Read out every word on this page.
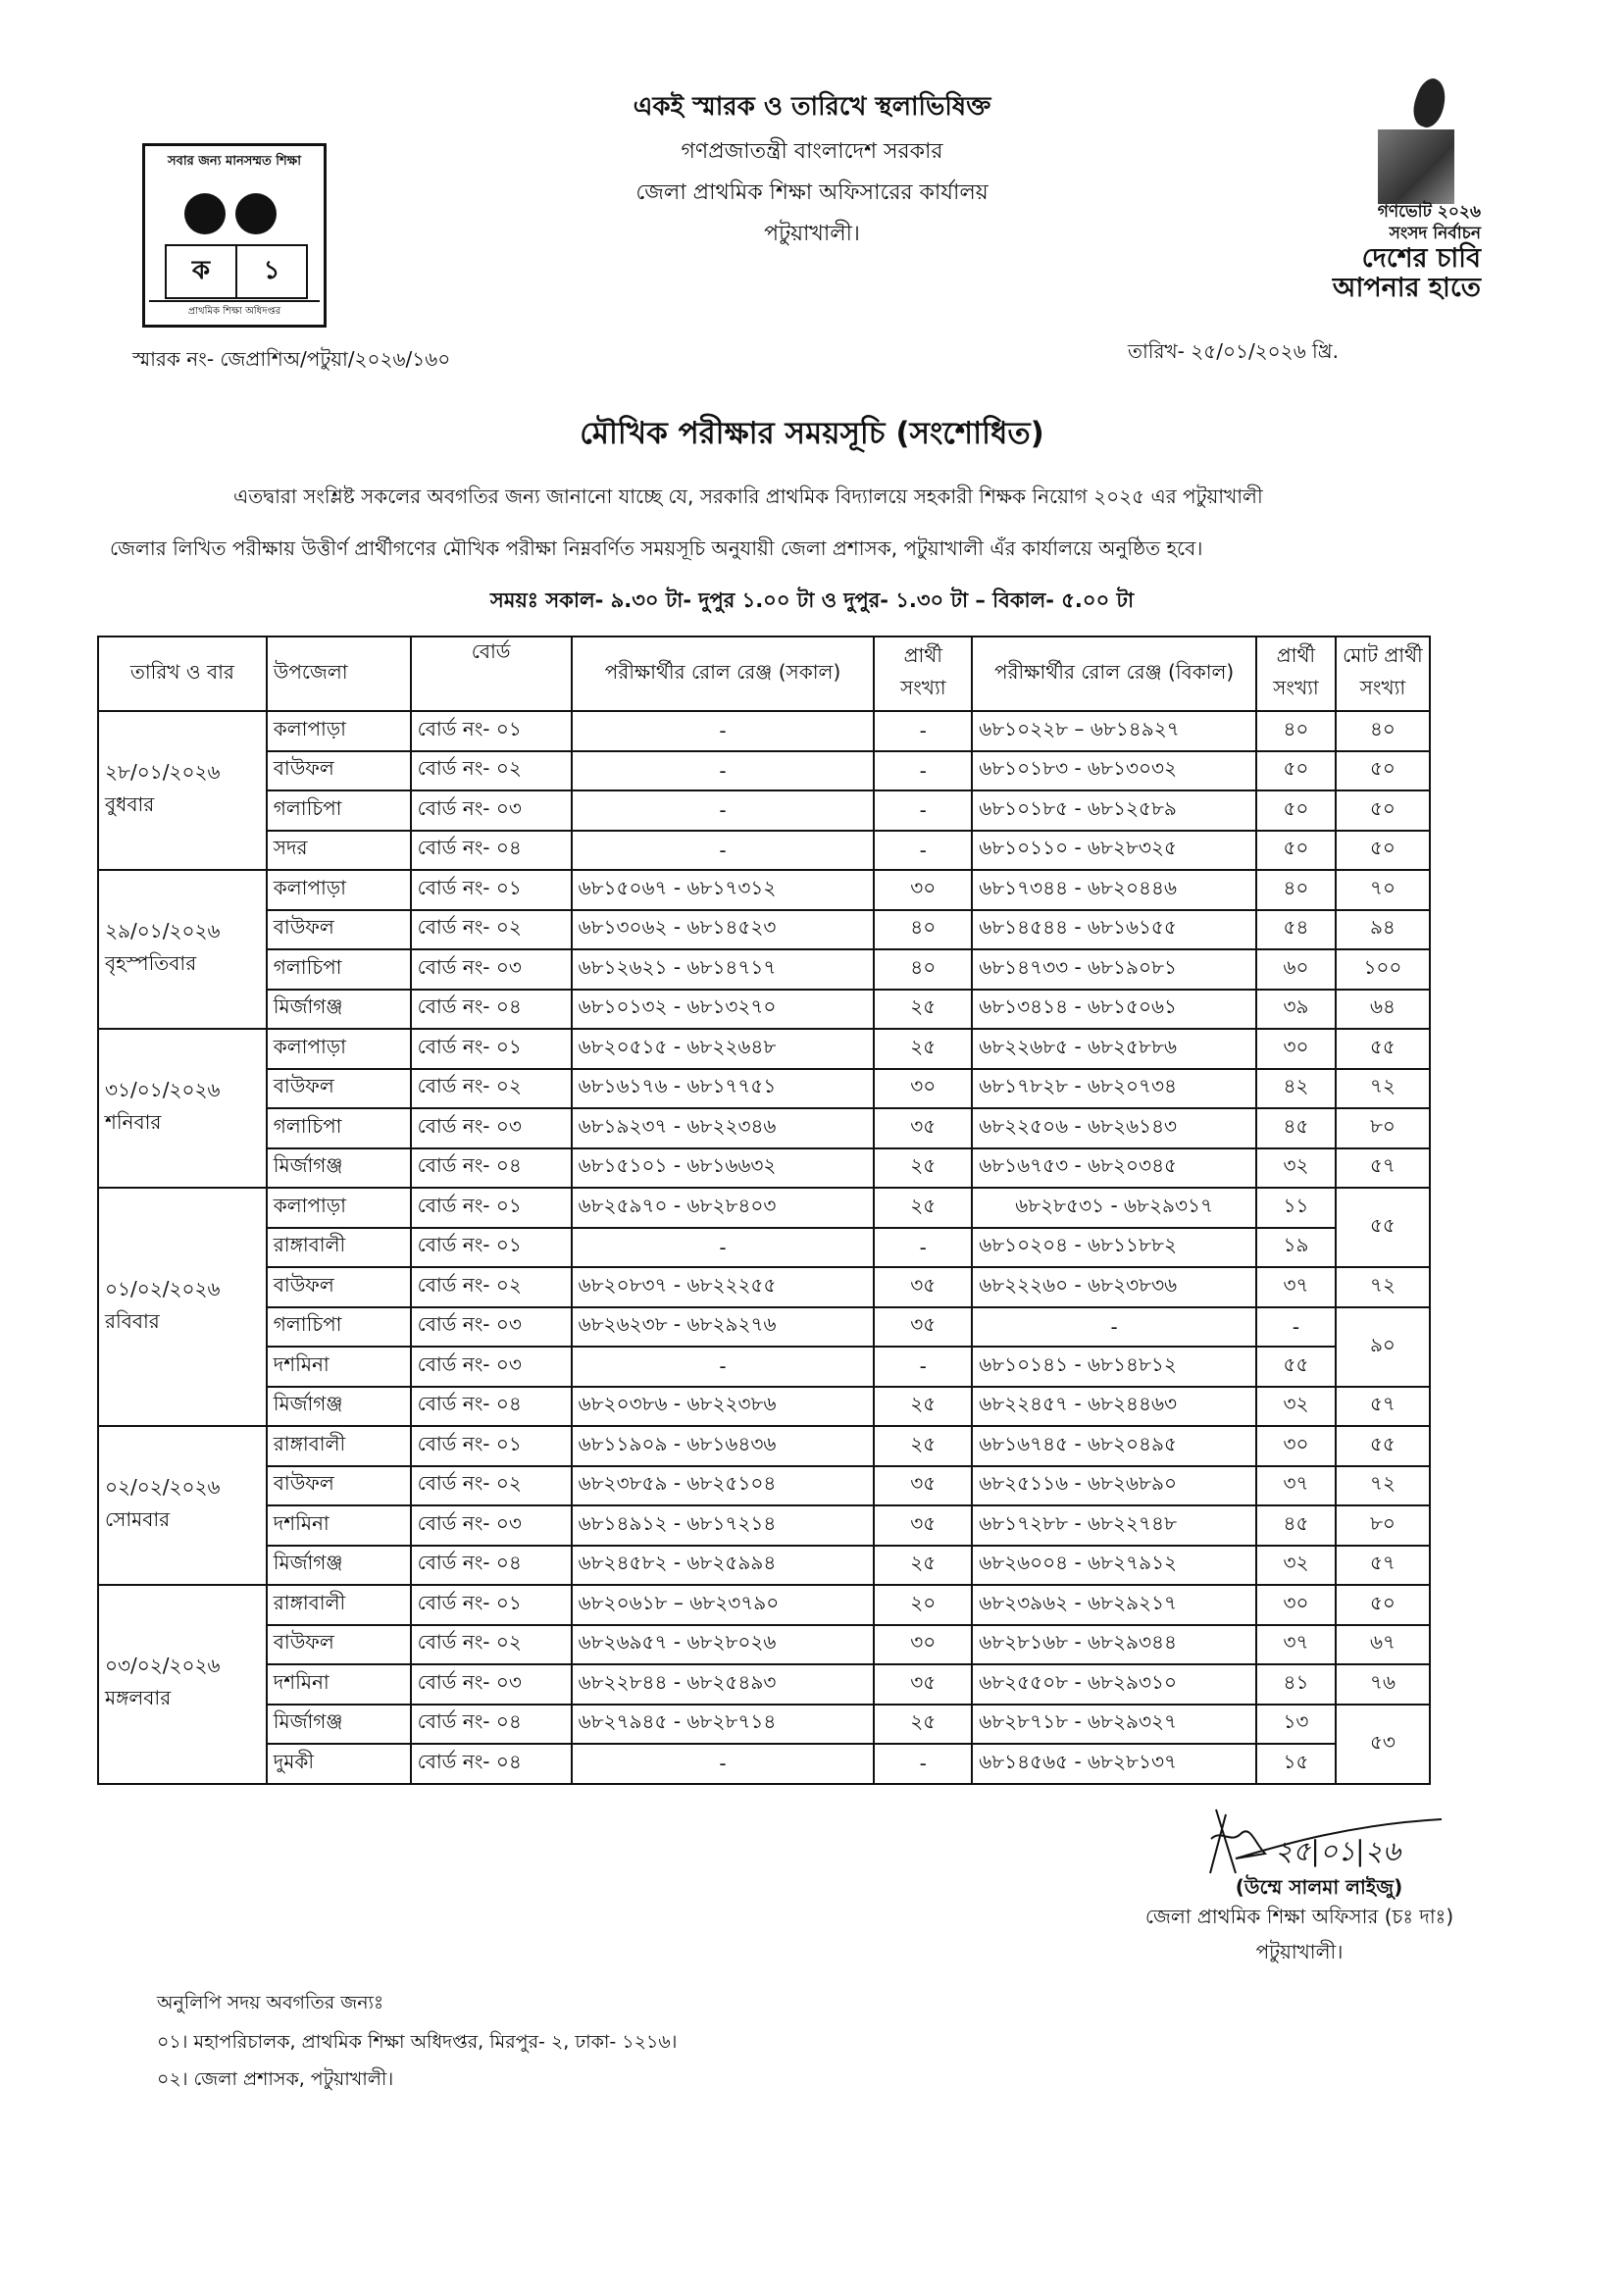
একই স্মারক ও তারিখে স্থলাভিষিক্ত
গণপ্রজাতন্ত্রী বাংলাদেশ সরকার
জেলা প্রাথমিক শিক্ষা অফিসারের কার্যালয়
পটুয়াখালী।
সবার জন্য মানসম্মত শিক্ষা
ক	১
প্রাথমিক শিক্ষা অধিদপ্তর
গণভোট ২০২৬
সংসদ নির্বাচন
দেশের চাবি
আপনার হাতে
স্মারক নং- জেপ্রাশিঅ/পটুয়া/২০২৬/১৬০	তারিখ- ২৫/০১/২০২৬ খ্রি.
মৌখিক পরীক্ষার সময়সূচি (সংশোধিত)
এতদ্বারা সংশ্লিষ্ট সকলের অবগতির জন্য জানানো যাচ্ছে যে, সরকারি প্রাথমিক বিদ্যালয়ে সহকারী শিক্ষক নিয়োগ ২০২৫ এর পটুয়াখালী
জেলার লিখিত পরীক্ষায় উত্তীর্ণ প্রার্থীগণের মৌখিক পরীক্ষা নিম্নবর্ণিত সময়সূচি অনুযায়ী জেলা প্রশাসক, পটুয়াখালী এঁর কার্যালয়ে অনুষ্ঠিত হবে।
সময়ঃ সকাল- ৯.৩০ টা- দুপুর ১.০০ টা ও দুপুর- ১.৩০ টা – বিকাল- ৫.০০ টা
তারিখ ও বার	উপজেলা	বোর্ড	পরীক্ষার্থীর রোল রেঞ্জ (সকাল)	প্রার্থী সংখ্যা	পরীক্ষার্থীর রোল রেঞ্জ (বিকাল)	প্রার্থী সংখ্যা	মোট প্রার্থী সংখ্যা

২৮/০১/২০২৬
বুধবার	কলাপাড়া	বোর্ড নং- ০১	-	-	৬৮১০২২৮ – ৬৮১৪৯২৭	৪০	৪০
	বাউফল	বোর্ড নং- ০২	-	-	৬৮১০১৮৩ - ৬৮১৩০৩২	৫০	৫০
	গলাচিপা	বোর্ড নং- ০৩	-	-	৬৮১০১৮৫ - ৬৮১২৫৮৯	৫০	৫০
	সদর	বোর্ড নং- ০৪	-	-	৬৮১০১১০ - ৬৮২৮৩২৫	৫০	৫০

২৯/০১/২০২৬
বৃহস্পতিবার	কলাপাড়া	বোর্ড নং- ০১	৬৮১৫০৬৭ - ৬৮১৭৩১২	৩০	৬৮১৭৩৪৪ - ৬৮২০৪৪৬	৪০	৭০
	বাউফল	বোর্ড নং- ০২	৬৮১৩০৬২ - ৬৮১৪৫২৩	৪০	৬৮১৪৫৪৪ - ৬৮১৬১৫৫	৫৪	৯৪
	গলাচিপা	বোর্ড নং- ০৩	৬৮১২৬২১ - ৬৮১৪৭১৭	৪০	৬৮১৪৭৩৩ - ৬৮১৯০৮১	৬০	১০০
	মির্জাগঞ্জ	বোর্ড নং- ০৪	৬৮১০১৩২ - ৬৮১৩২৭০	২৫	৬৮১৩৪১৪ - ৬৮১৫০৬১	৩৯	৬৪

৩১/০১/২০২৬
শনিবার	কলাপাড়া	বোর্ড নং- ০১	৬৮২০৫১৫ - ৬৮২২৬৪৮	২৫	৬৮২২৬৮৫ - ৬৮২৫৮৮৬	৩০	৫৫
	বাউফল	বোর্ড নং- ০২	৬৮১৬১৭৬ - ৬৮১৭৭৫১	৩০	৬৮১৭৮২৮ - ৬৮২০৭৩৪	৪২	৭২
	গলাচিপা	বোর্ড নং- ০৩	৬৮১৯২৩৭ - ৬৮২২৩৪৬	৩৫	৬৮২২৫০৬ - ৬৮২৬১৪৩	৪৫	৮০
	মির্জাগঞ্জ	বোর্ড নং- ০৪	৬৮১৫১০১ - ৬৮১৬৬৩২	২৫	৬৮১৬৭৫৩ - ৬৮২০৩৪৫	৩২	৫৭

০১/০২/২০২৬
রবিবার	কলাপাড়া	বোর্ড নং- ০১	৬৮২৫৯৭০ - ৬৮২৮৪০৩	২৫	৬৮২৮৫৩১ - ৬৮২৯৩১৭	১১	৫৫
	রাঙ্গাবালী	বোর্ড নং- ০১	-	-	৬৮১০২০৪ - ৬৮১১৮৮২	১৯	
	বাউফল	বোর্ড নং- ০২	৬৮২০৮৩৭ - ৬৮২২২৫৫	৩৫	৬৮২২২৬০ - ৬৮২৩৮৩৬	৩৭	৭২
	গলাচিপা	বোর্ড নং- ০৩	৬৮২৬২৩৮ - ৬৮২৯২৭৬	৩৫	-	-	৯০
	দশমিনা	বোর্ড নং- ০৩	-	-	৬৮১০১৪১ - ৬৮১৪৮১২	৫৫	
	মির্জাগঞ্জ	বোর্ড নং- ০৪	৬৮২০৩৮৬ - ৬৮২২৩৮৬	২৫	৬৮২২৪৫৭ - ৬৮২৪৪৬৩	৩২	৫৭

০২/০২/২০২৬
সোমবার	রাঙ্গাবালী	বোর্ড নং- ০১	৬৮১১৯০৯ - ৬৮১৬৪৩৬	২৫	৬৮১৬৭৪৫ - ৬৮২০৪৯৫	৩০	৫৫
	বাউফল	বোর্ড নং- ০২	৬৮২৩৮৫৯ - ৬৮২৫১০৪	৩৫	৬৮২৫১১৬ - ৬৮২৬৮৯০	৩৭	৭২
	দশমিনা	বোর্ড নং- ০৩	৬৮১৪৯১২ - ৬৮১৭২১৪	৩৫	৬৮১৭২৮৮ - ৬৮২২৭৪৮	৪৫	৮০
	মির্জাগঞ্জ	বোর্ড নং- ০৪	৬৮২৪৫৮২ - ৬৮২৫৯৯৪	২৫	৬৮২৬০০৪ - ৬৮২৭৯১২	৩২	৫৭

০৩/০২/২০২৬
মঙ্গলবার	রাঙ্গাবালী	বোর্ড নং- ০১	৬৮২০৬১৮ – ৬৮২৩৭৯০	২০	৬৮২৩৯৬২ - ৬৮২৯২১৭	৩০	৫০
	বাউফল	বোর্ড নং- ০২	৬৮২৬৯৫৭ - ৬৮২৮০২৬	৩০	৬৮২৮১৬৮ - ৬৮২৯৩৪৪	৩৭	৬৭
	দশমিনা	বোর্ড নং- ০৩	৬৮২২৮৪৪ - ৬৮২৫৪৯৩	৩৫	৬৮২৫৫০৮ - ৬৮২৯৩১০	৪১	৭৬
	মির্জাগঞ্জ	বোর্ড নং- ০৪	৬৮২৭৯৪৫ - ৬৮২৮৭১৪	২৫	৬৮২৮৭১৮ - ৬৮২৯৩২৭	১৩	৫৩
	দুমকী	বোর্ড নং- ০৪	-	-	৬৮১৪৫৬৫ - ৬৮২৮১৩৭	১৫	
২৫|০১|২৬
(উম্মে সালমা লাইজু)
জেলা প্রাথমিক শিক্ষা অফিসার (চঃ দাঃ)
পটুয়াখালী।
অনুলিপি সদয় অবগতির জন্যঃ
০১। মহাপরিচালক, প্রাথমিক শিক্ষা অধিদপ্তর, মিরপুর- ২, ঢাকা- ১২১৬।
০২। জেলা প্রশাসক, পটুয়াখালী।
